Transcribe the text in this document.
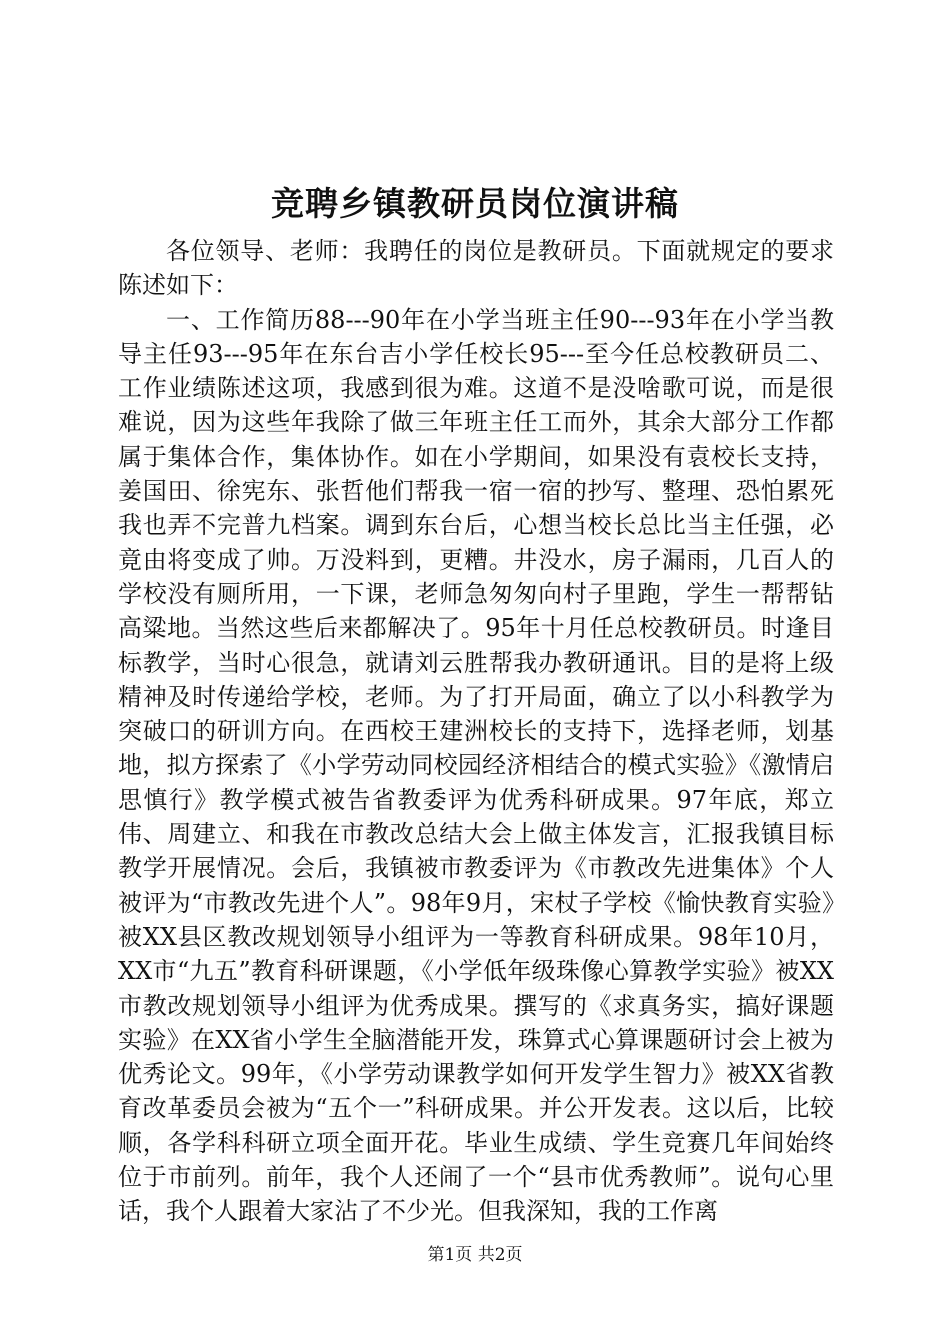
竞聘乡镇教研员岗位演讲稿

各位领导、老师：我聘任的岗位是教研员。下面就规定的要求陈述如下：

一、工作简历88---90年在小学当班主任90---93年在小学当教导主任93---95年在东台吉小学任校长95---至今任总校教研员二、工作业绩陈述这项，我感到很为难。这道不是没啥歌可说，而是很难说，因为这些年我除了做三年班主任工而外，其余大部分工作都属于集体合作，集体协作。如在小学期间，如果没有袁校长支持，姜国田、徐宪东、张哲他们帮我一宿一宿的抄写、整理、恐怕累死我也弄不完普九档案。调到东台后，心想当校长总比当主任强，必竟由将变成了帅。万没料到，更糟。井没水，房子漏雨，几百人的学校没有厕所用，一下课，老师急匆匆向村子里跑，学生一帮帮钻高粱地。当然这些后来都解决了。95年十月任总校教研员。时逢目标教学，当时心很急，就请刘云胜帮我办教研通讯。目的是将上级精神及时传递给学校，老师。为了打开局面，确立了以小科教学为突破口的研训方向。在西校王建洲校长的支持下，选择老师，划基地，拟方探索了《小学劳动同校园经济相结合的模式实验》《激情启思慎行》教学模式被告省教委评为优秀科研成果。97年底，郑立伟、周建立、和我在市教改总结大会上做主体发言，汇报我镇目标教学开展情况。会后，我镇被市教委评为《市教改先进集体》个人被评为“市教改先进个人”。98年9月，宋杖子学校《愉快教育实验》被XX县区教改规划领导小组评为一等教育科研成果。98年10月，XX市“九五”教育科研课题，《小学低年级珠像心算教学实验》被XX市教改规划领导小组评为优秀成果。撰写的《求真务实，搞好课题实验》在XX省小学生全脑潜能开发，珠算式心算课题研讨会上被为优秀论文。99年，《小学劳动课教学如何开发学生智力》被XX省教育改革委员会被为“五个一”科研成果。并公开发表。这以后，比较顺，各学科科研立项全面开花。毕业生成绩、学生竞赛几年间始终位于市前列。前年，我个人还闹了一个“县市优秀教师”。说句心里话，我个人跟着大家沾了不少光。但我深知，我的工作离

第1页 共2页
